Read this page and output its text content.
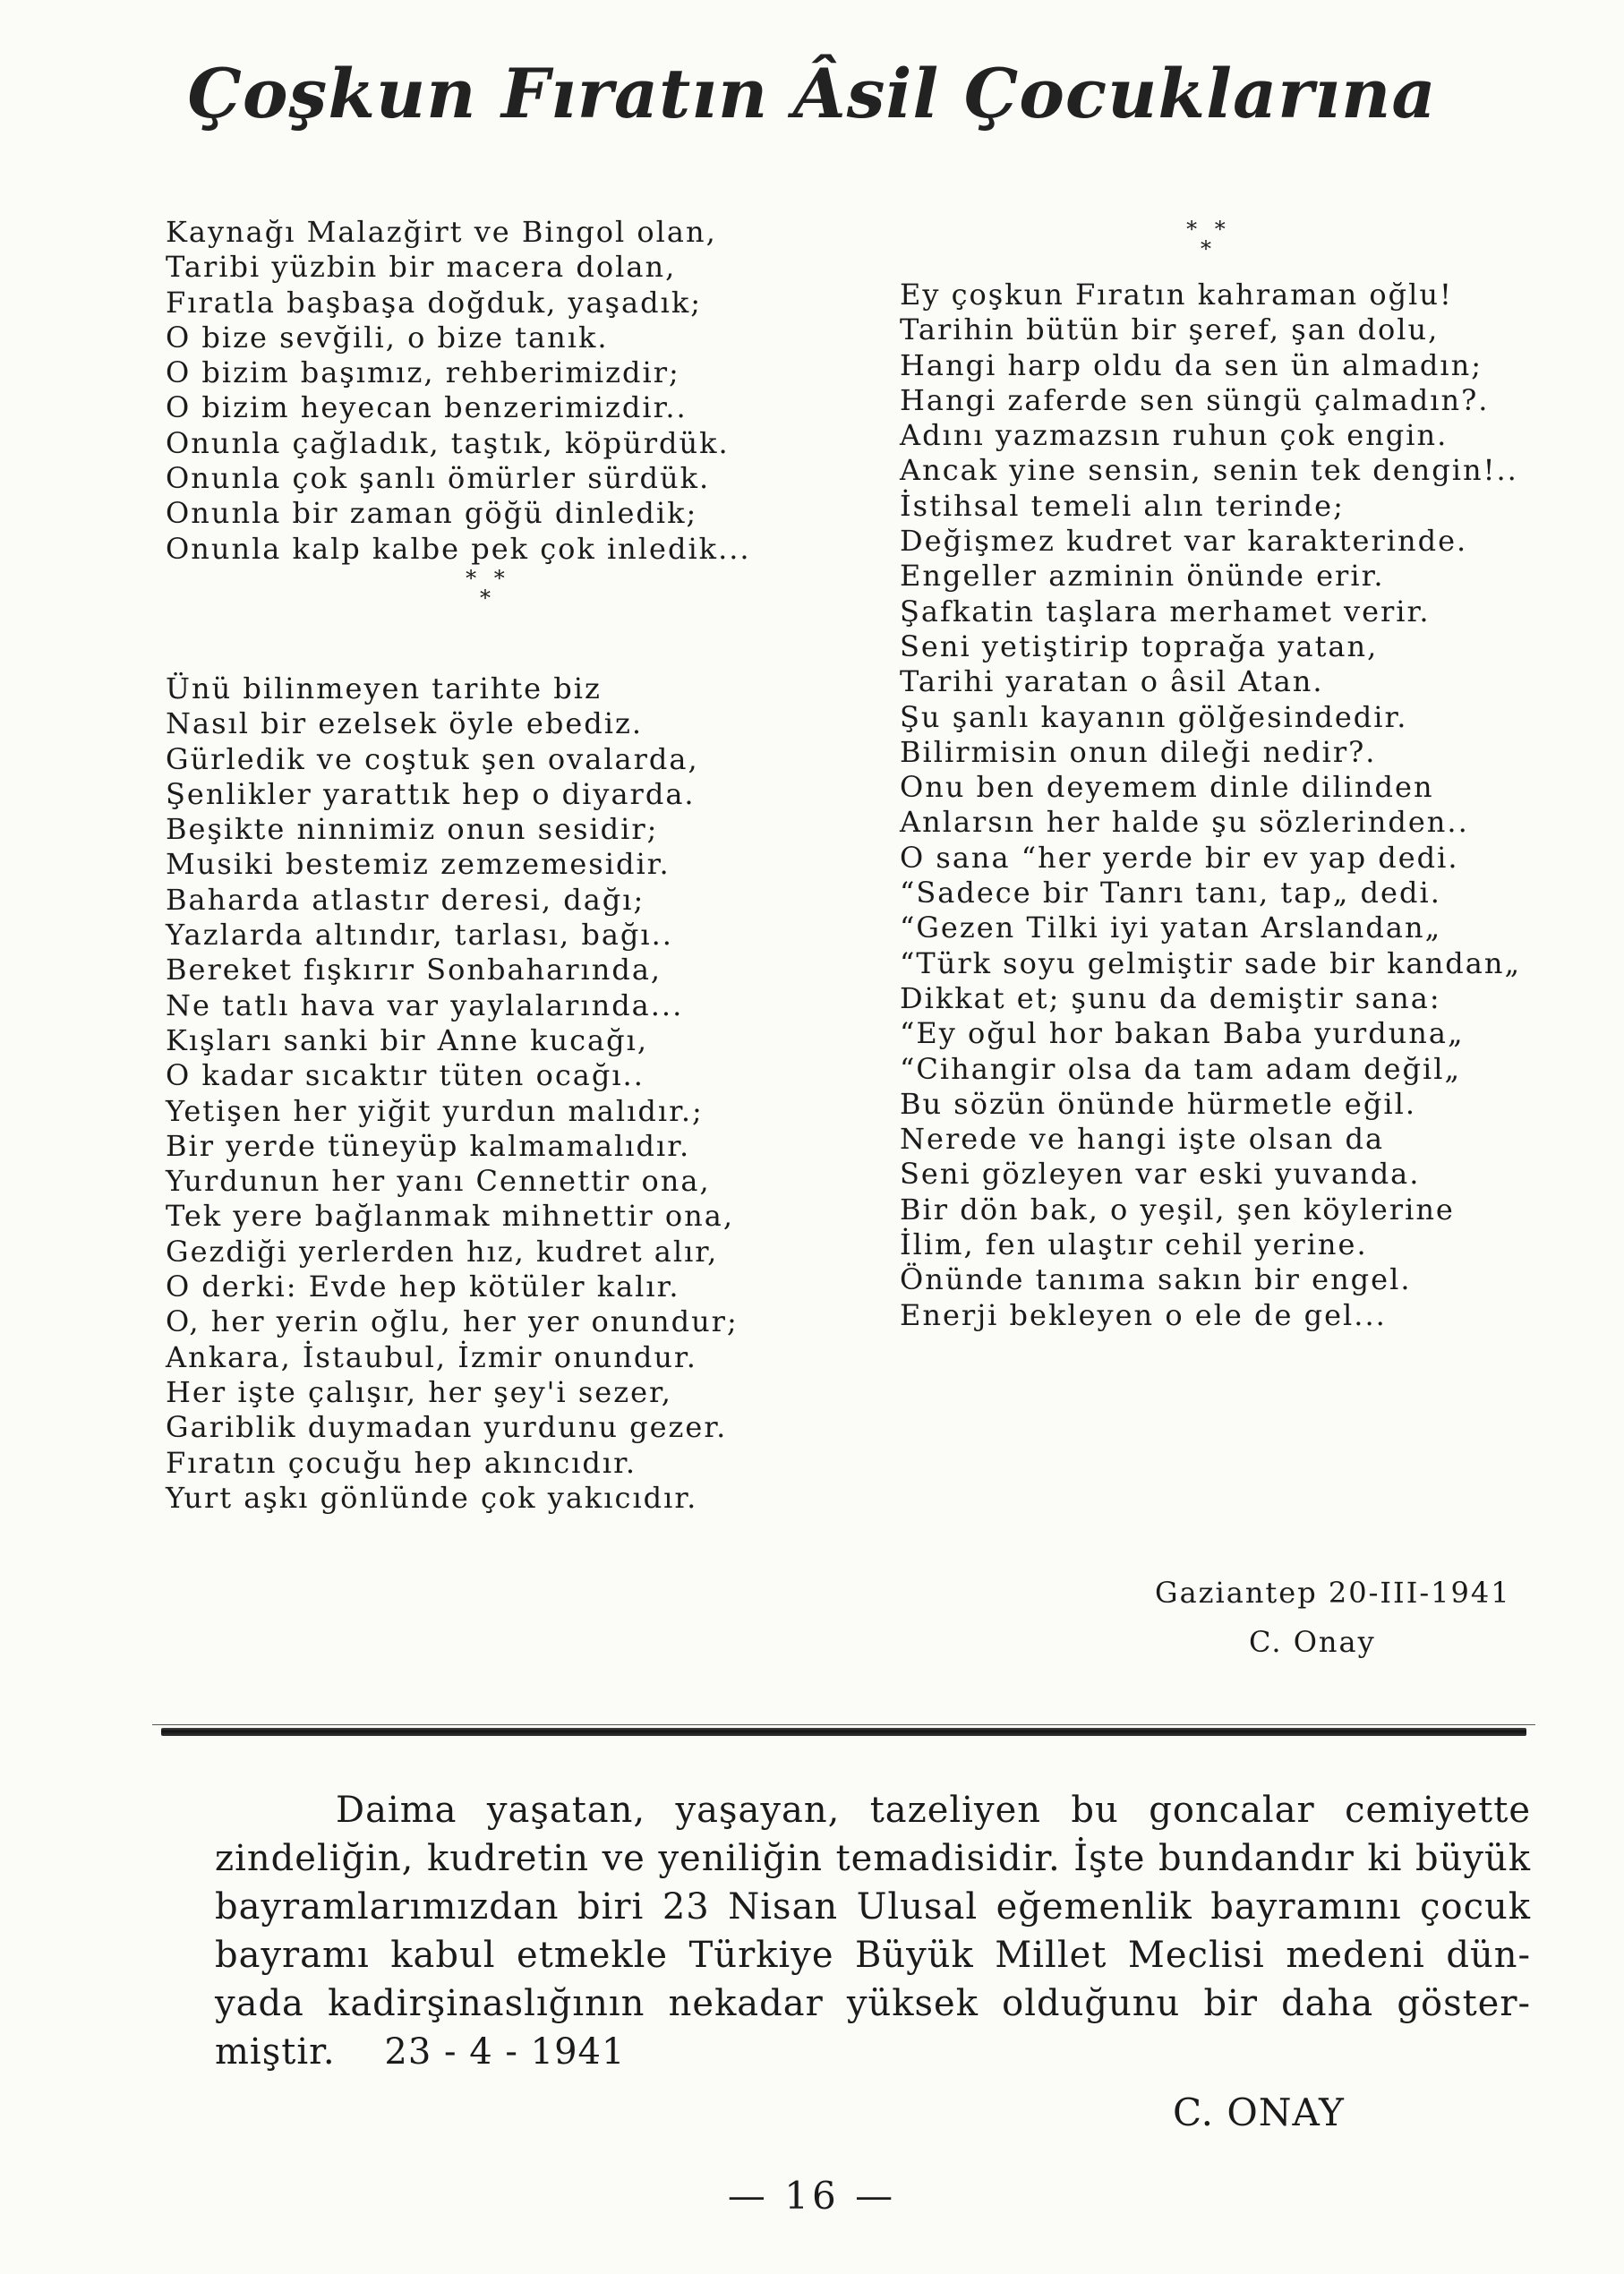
Çoşkun Fıratın Âsil Çocuklarına
Kaynağı Malazğirt ve Bingol olan,
Taribi yüzbin bir macera dolan,
Fıratla başbaşa doğduk, yaşadık;
O bize sevğili, o bize tanık.
O bizim başımız, rehberimizdir;
O bizim heyecan benzerimizdir..
Onunla çağladık, taştık, köpürdük.
Onunla çok şanlı ömürler sürdük.
Onunla bir zaman göğü dinledik;
Onunla kalp kalbe pek çok inledik...
* * *
Ünü bilinmeyen tarihte biz
Nasıl bir ezelsek öyle ebediz.
Gürledik ve coştuk şen ovalarda,
Şenlikler yarattık hep o diyarda.
Beşikte ninnimiz onun sesidir;
Musiki bestemiz zemzemesidir.
Baharda atlastır deresi, dağı;
Yazlarda altındır, tarlası, bağı..
Bereket fışkırır Sonbaharında,
Ne tatlı hava var yaylalarında...
Kışları sanki bir Anne kucağı,
O kadar sıcaktır tüten ocağı..
Yetişen her yiğit yurdun malıdır.;
Bir yerde tüneyüp kalmamalıdır.
Yurdunun her yanı Cennettir ona,
Tek yere bağlanmak mihnettir ona,
Gezdiği yerlerden hız, kudret alır,
O derki: Evde hep kötüler kalır.
O, her yerin oğlu, her yer onundur;
Ankara, İstaubul, İzmir onundur.
Her işte çalışır, her şey'i sezer,
Gariblik duymadan yurdunu gezer.
Fıratın çocuğu hep akıncıdır.
Yurt aşkı gönlünde çok yakıcıdır.
* * *
Ey çoşkun Fıratın kahraman oğlu!
Tarihin bütün bir şeref, şan dolu,
Hangi harp oldu da sen ün almadın;
Hangi zaferde sen süngü çalmadın?.
Adını yazmazsın ruhun çok engin.
Ancak yine sensin, senin tek dengin!..
İstihsal temeli alın terinde;
Değişmez kudret var karakterinde.
Engeller azminin önünde erir.
Şafkatin taşlara merhamet verir.
Seni yetiştirip toprağa yatan,
Tarihi yaratan o âsil Atan.
Şu şanlı kayanın gölğesindedir.
Bilirmisin onun dileği nedir?.
Onu ben deyemem dinle dilinden
Anlarsın her halde şu sözlerinden..
O sana “her yerde bir ev yap dedi.
“Sadece bir Tanrı tanı, tap„ dedi.
“Gezen Tilki iyi yatan Arslandan„
“Türk soyu gelmiştir sade bir kandan„
Dikkat et; şunu da demiştir sana:
“Ey oğul hor bakan Baba yurduna„
“Cihangir olsa da tam adam değil„
Bu sözün önünde hürmetle eğil.
Nerede ve hangi işte olsan da
Seni gözleyen var eski yuvanda.
Bir dön bak, o yeşil, şen köylerine
İlim, fen ulaştır cehil yerine.
Önünde tanıma sakın bir engel.
Enerji bekleyen o ele de gel...
Gaziantep 20-III-1941
C. Onay
Daima yaşatan, yaşayan, tazeliyen bu goncalar cemiyette
zindeliğin, kudretin ve yeniliğin temadisidir. İşte bundandır ki büyük
bayramlarımızdan biri 23 Nisan Ulusal eğemenlik bayramını çocuk
bayramı kabul etmekle Türkiye Büyük Millet Meclisi medeni dün-
yada kadirşinaslığının nekadar yüksek olduğunu bir daha göster-
miştir.    23 - 4 - 1941
C. ONAY
— 16 —
